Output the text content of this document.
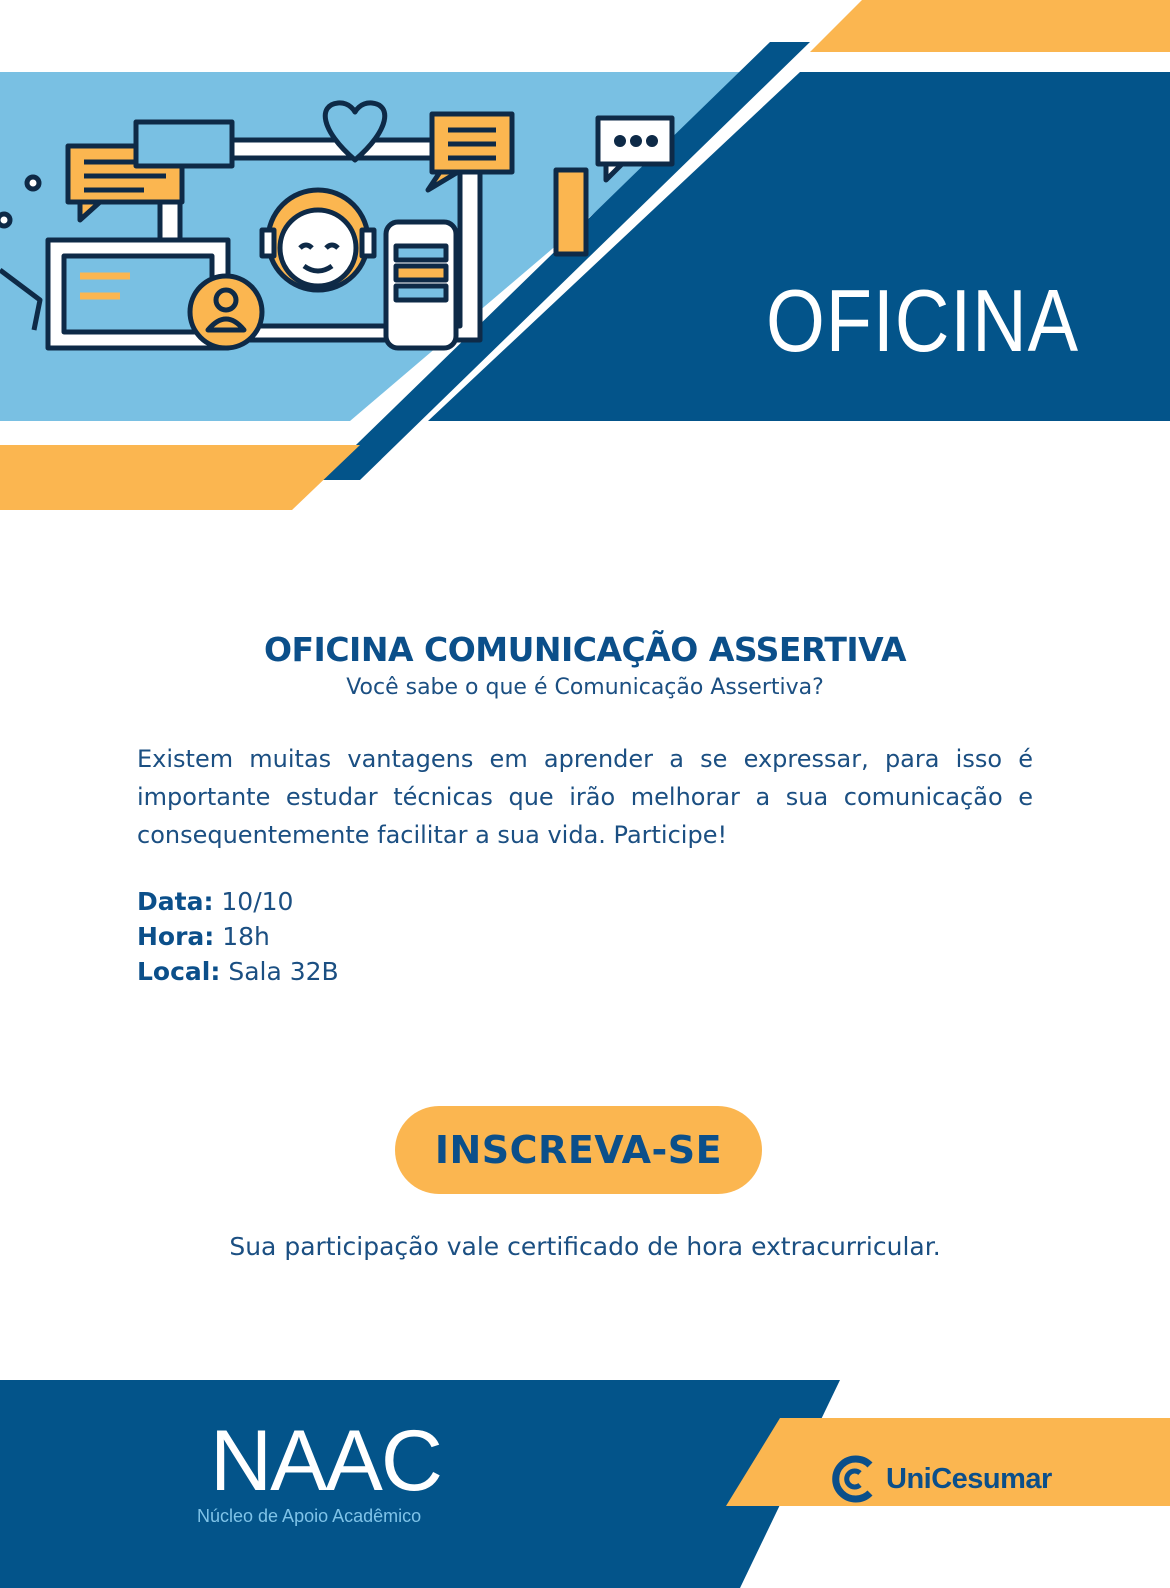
OFICINA
OFICINA COMUNICAÇÃO ASSERTIVA
Você sabe o que é Comunicação Assertiva?
Existem muitas vantagens em aprender a se expressar, para isso é importante estudar técnicas que irão melhorar a sua comunicação e consequentemente facilitar a sua vida. Participe!
Data: 10/10
Hora: 18h
Local: Sala 32B
INSCREVA-SE
Sua participação vale certificado de hora extracurricular.
NAAC
Núcleo de Apoio Acadêmico
UniCesumar
